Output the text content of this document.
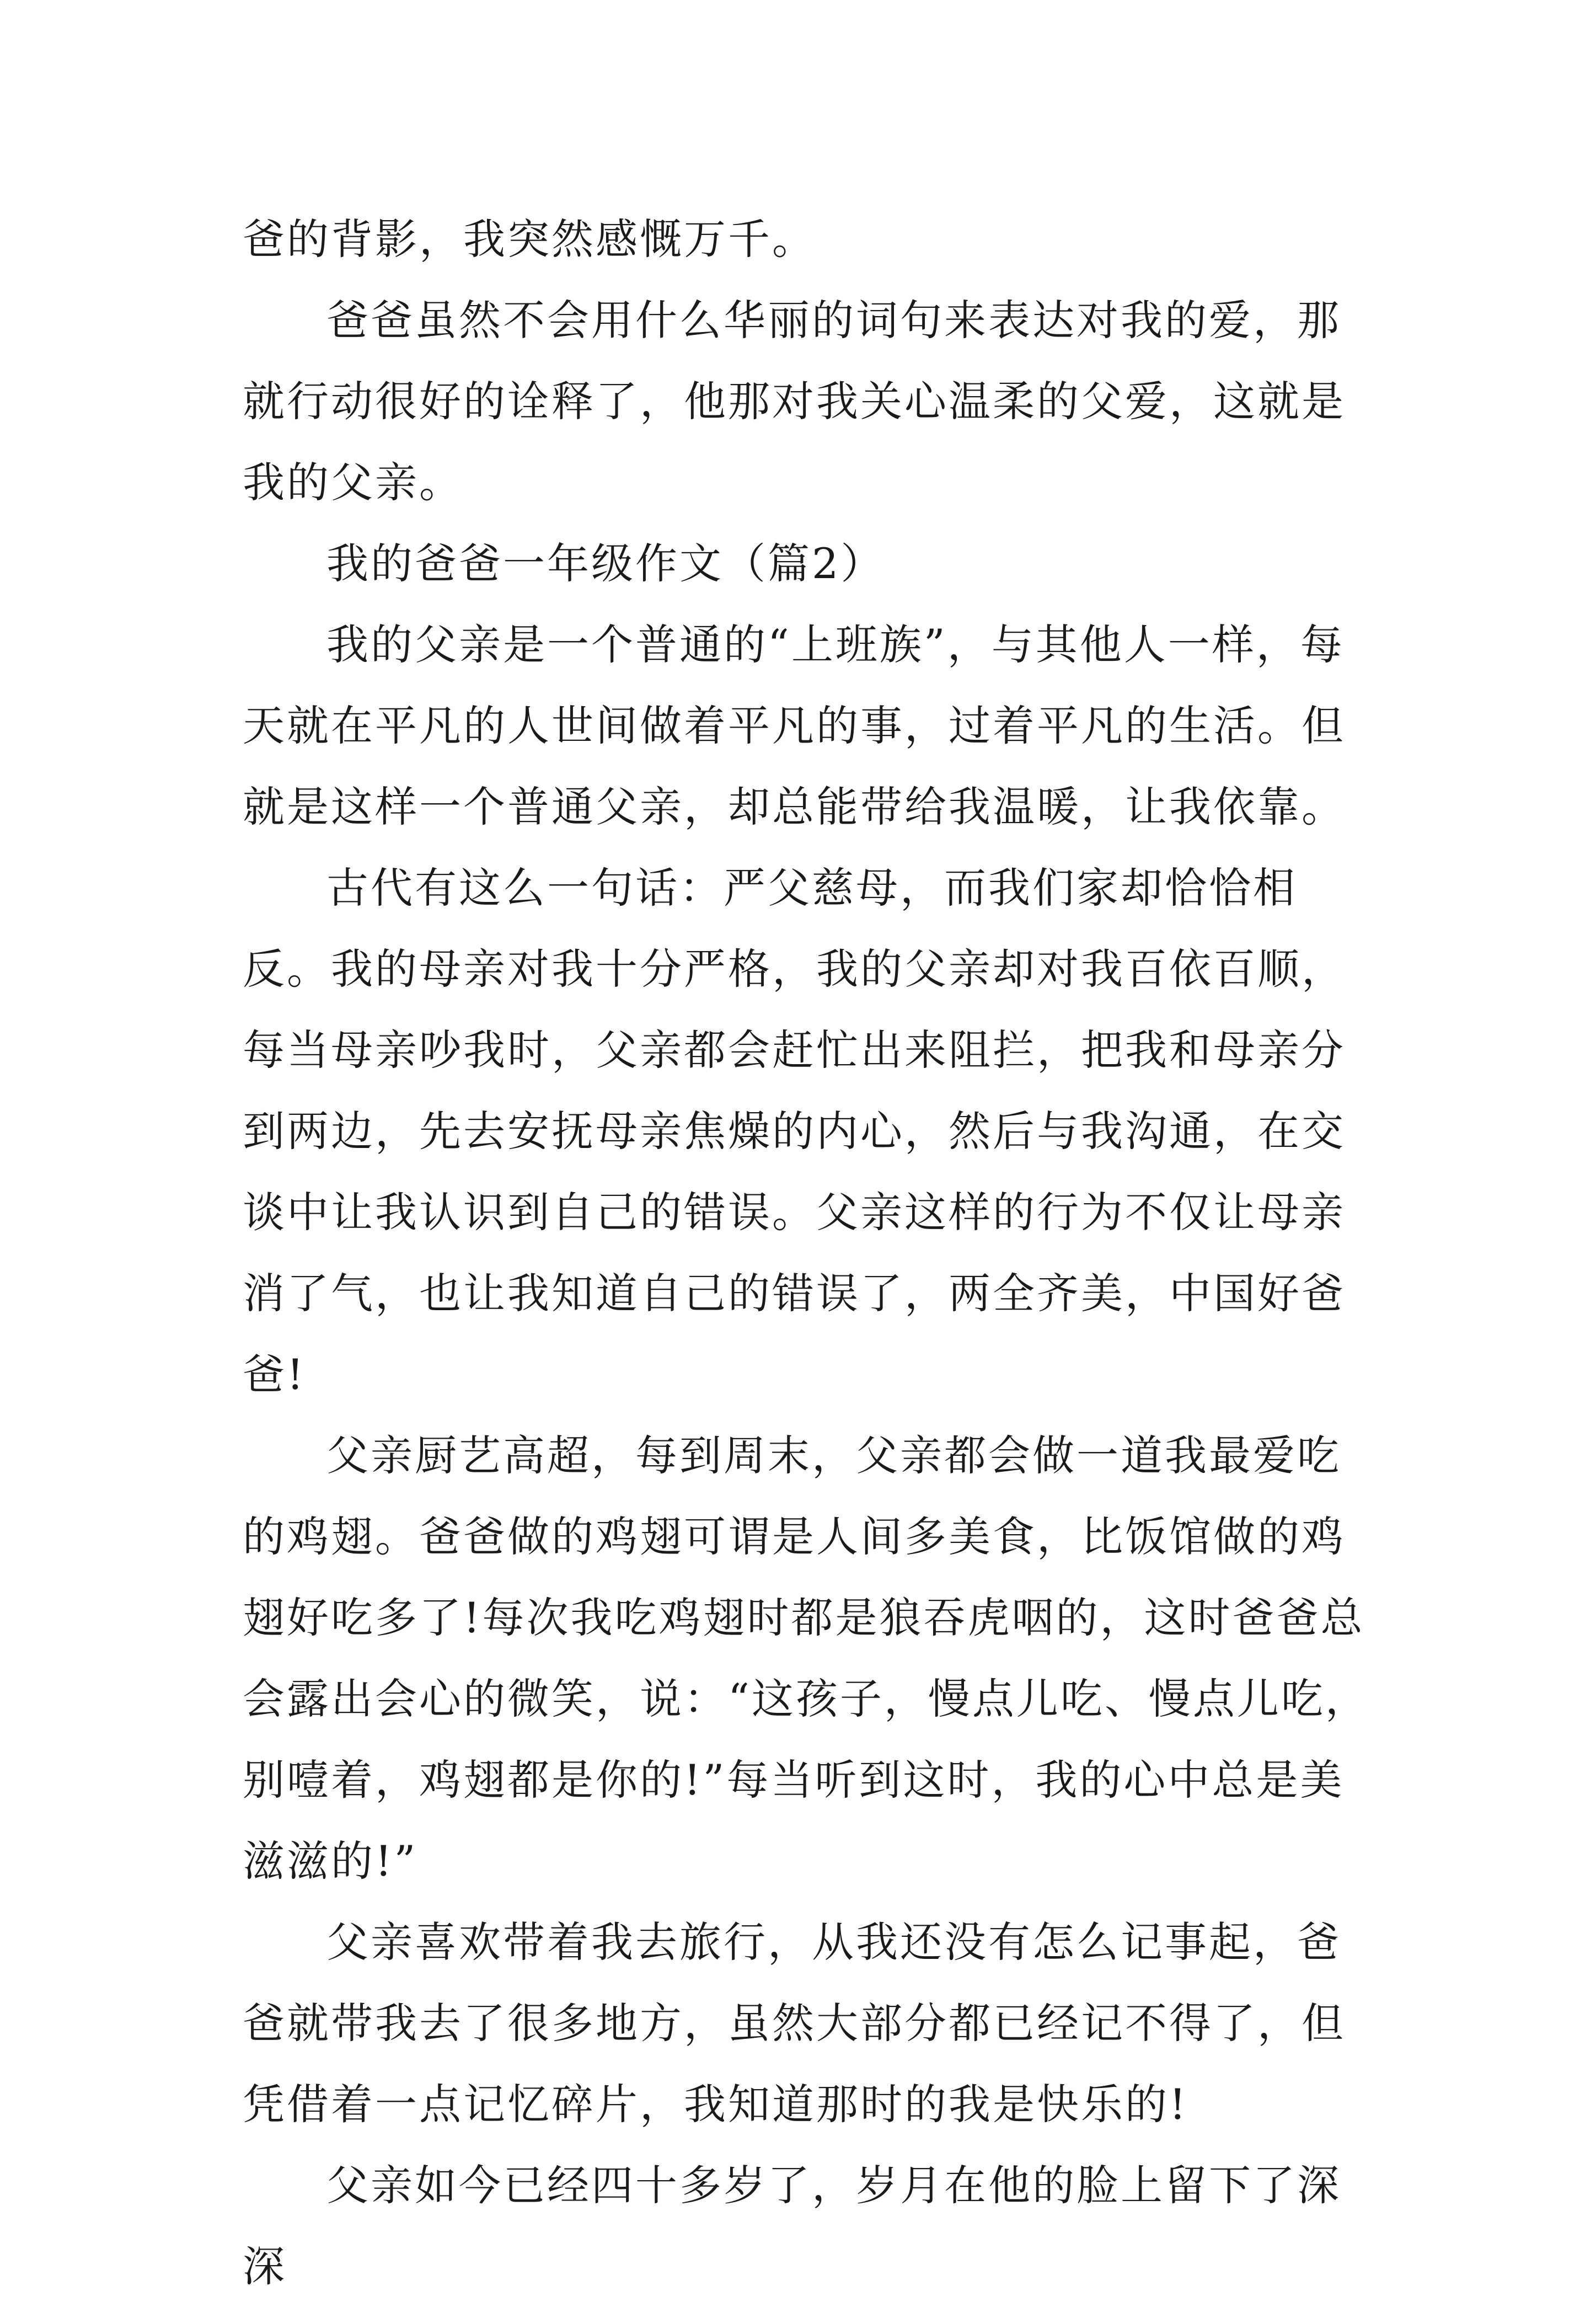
爸的背影，我突然感慨万千。

爸爸虽然不会用什么华丽的词句来表达对我的爱，那就行动很好的诠释了，他那对我关心温柔的父爱，这就是我的父亲。

我的爸爸一年级作文（篇2）

我的父亲是一个普通的“上班族”，与其他人一样，每天就在平凡的人世间做着平凡的事，过着平凡的生活。但就是这样一个普通父亲，却总能带给我温暖，让我依靠。

古代有这么一句话：严父慈母，而我们家却恰恰相反。我的母亲对我十分严格，我的父亲却对我百依百顺，每当母亲吵我时，父亲都会赶忙出来阻拦，把我和母亲分到两边，先去安抚母亲焦燥的内心，然后与我沟通，在交谈中让我认识到自己的错误。父亲这样的行为不仅让母亲消了气，也让我知道自己的错误了，两全齐美，中国好爸爸!

父亲厨艺高超，每到周末，父亲都会做一道我最爱吃的鸡翅。爸爸做的鸡翅可谓是人间多美食，比饭馆做的鸡翅好吃多了!每次我吃鸡翅时都是狼吞虎咽的，这时爸爸总会露出会心的微笑，说：“这孩子，慢点儿吃、慢点儿吃，别噎着，鸡翅都是你的!”每当听到这时，我的心中总是美滋滋的!”

父亲喜欢带着我去旅行，从我还没有怎么记事起，爸爸就带我去了很多地方，虽然大部分都已经记不得了，但凭借着一点记忆碎片，我知道那时的我是快乐的!

父亲如今已经四十多岁了，岁月在他的脸上留下了深深
